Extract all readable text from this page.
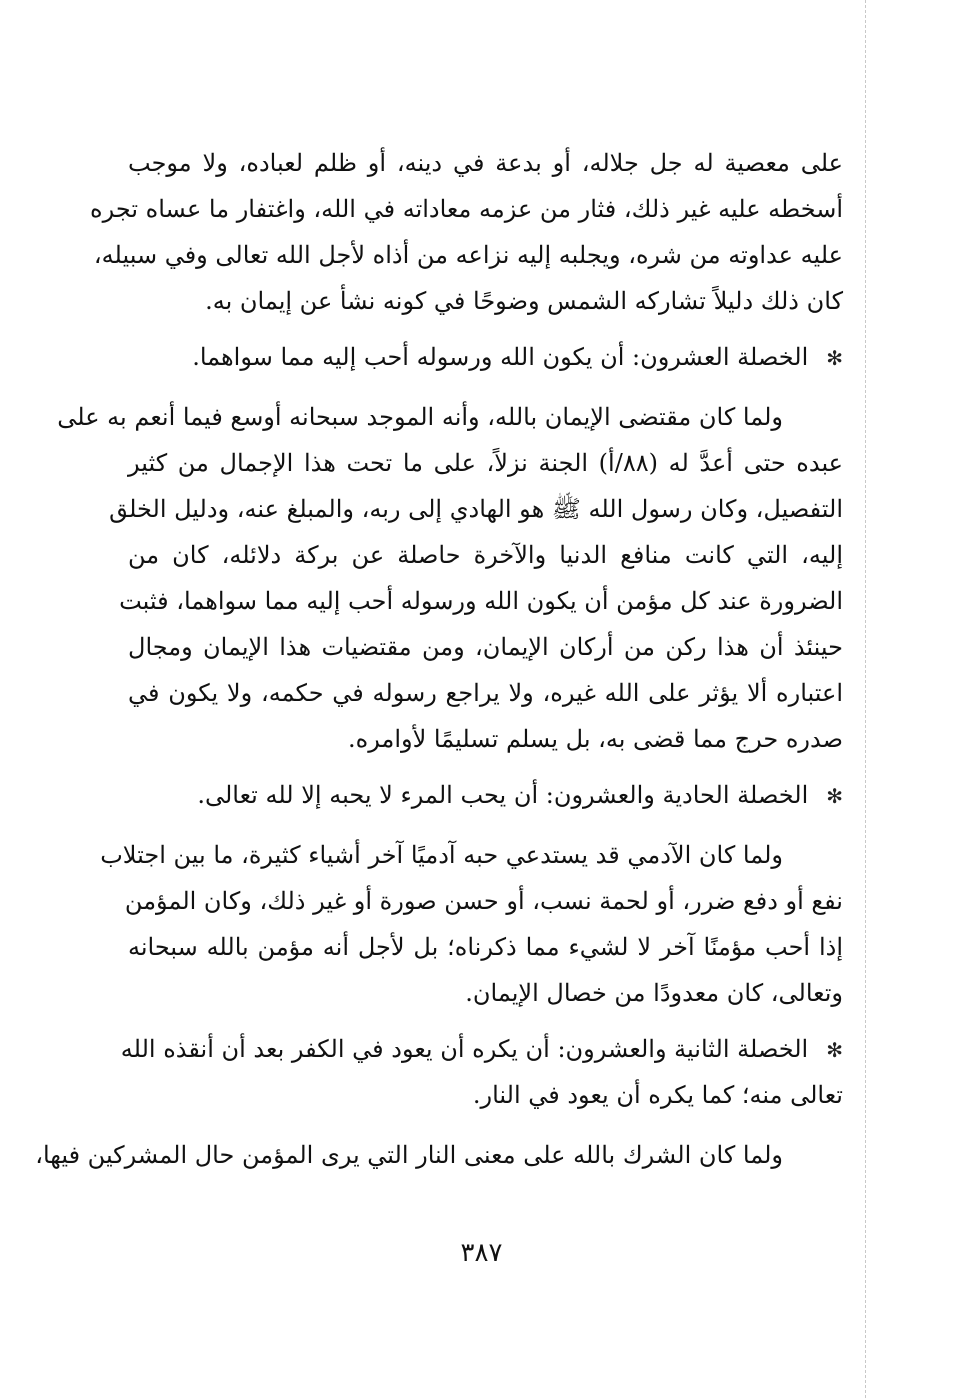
على معصية له جل جلاله، أو بدعة في دينه، أو ظلم لعباده، ولا موجب
أسخطه عليه غير ذلك، فثار من عزمه معاداته في الله، واغتفار ما عساه تجره
عليه عداوته من شره، ويجلبه إليه نزاعه من أذاه لأجل الله تعالى وفي سبيله،
كان ذلك دليلاً تشاركه الشمس وضوحًا في كونه نشأ عن إيمان به.
✻الخصلة العشرون: أن يكون الله ورسوله أحب إليه مما سواهما.
ولما كان مقتضى الإيمان بالله، وأنه الموجد سبحانه أوسع فيما أنعم به على
عبده حتى أعدَّ له (٨٨/أ) الجنة نزلاً، على ما تحت هذا الإجمال من كثير
التفصيل، وكان رسول الله ﷺ هو الهادي إلى ربه، والمبلغ عنه، ودليل الخلق
إليه، التي كانت منافع الدنيا والآخرة حاصلة عن بركة دلائله، كان من
الضرورة عند كل مؤمن أن يكون الله ورسوله أحب إليه مما سواهما، فثبت
حينئذ أن هذا ركن من أركان الإيمان، ومن مقتضيات هذا الإيمان ومجال
اعتباره ألا يؤثر على الله غيره، ولا يراجع رسوله في حكمه، ولا يكون في
صدره حرج مما قضى به، بل يسلم تسليمًا لأوامره.
✻الخصلة الحادية والعشرون: أن يحب المرء لا يحبه إلا لله تعالى.
ولما كان الآدمي قد يستدعي حبه آدميًا آخر أشياء كثيرة، ما بين اجتلاب
نفع أو دفع ضرر، أو لحمة نسب، أو حسن صورة أو غير ذلك، وكان المؤمن
إذا أحب مؤمنًا آخر لا لشيء مما ذكرناه؛ بل لأجل أنه مؤمن بالله سبحانه
وتعالى، كان معدودًا من خصال الإيمان.
✻الخصلة الثانية والعشرون: أن يكره أن يعود في الكفر بعد أن أنقذه الله
تعالى منه؛ كما يكره أن يعود في النار.
ولما كان الشرك بالله على معنى النار التي يرى المؤمن حال المشركين فيها،
٣٨٧
